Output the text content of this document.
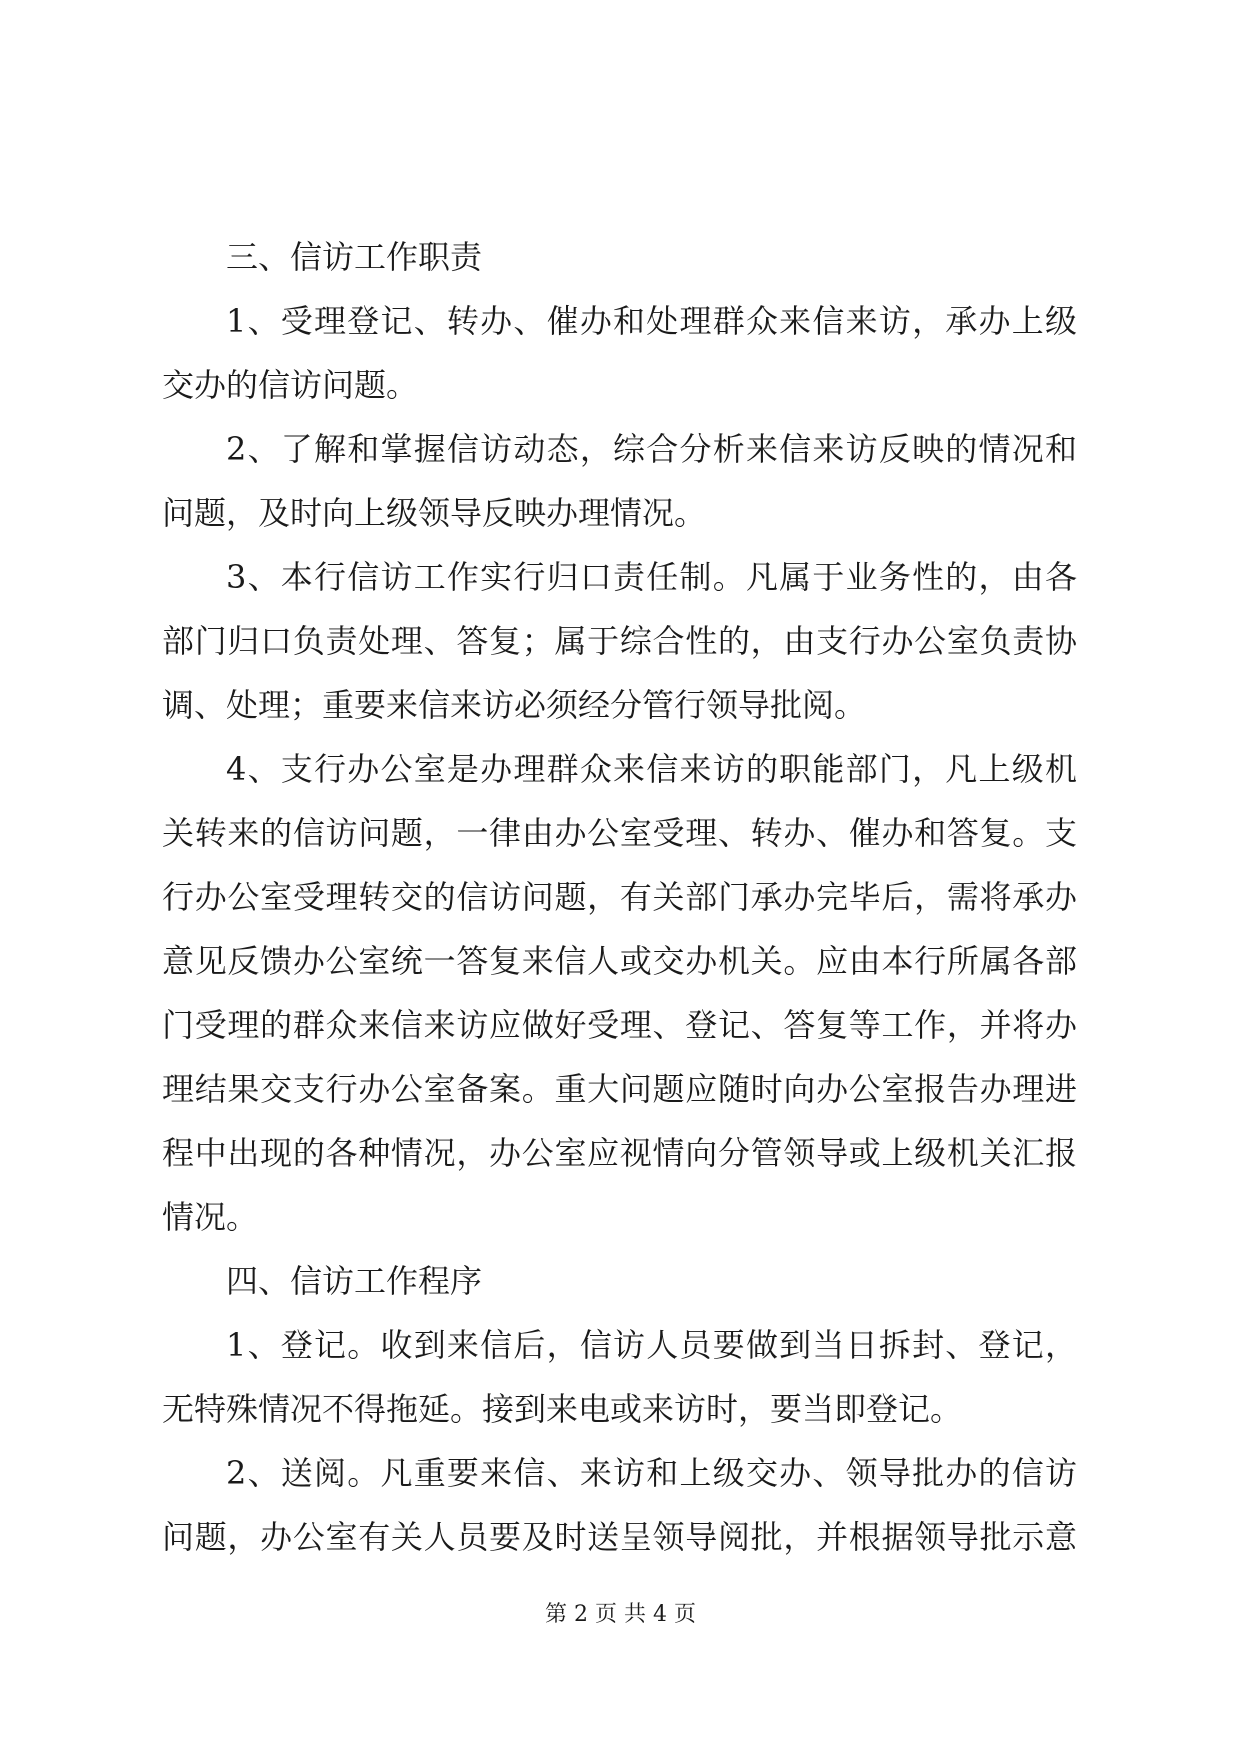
三、信访工作职责
1、受理登记、转办、催办和处理群众来信来访，承办上级
交办的信访问题。
2、了解和掌握信访动态，综合分析来信来访反映的情况和
问题，及时向上级领导反映办理情况。
3、本行信访工作实行归口责任制。凡属于业务性的，由各
部门归口负责处理、答复；属于综合性的，由支行办公室负责协
调、处理；重要来信来访必须经分管行领导批阅。
4、支行办公室是办理群众来信来访的职能部门，凡上级机
关转来的信访问题，一律由办公室受理、转办、催办和答复。支
行办公室受理转交的信访问题，有关部门承办完毕后，需将承办
意见反馈办公室统一答复来信人或交办机关。应由本行所属各部
门受理的群众来信来访应做好受理、登记、答复等工作，并将办
理结果交支行办公室备案。重大问题应随时向办公室报告办理进
程中出现的各种情况，办公室应视情向分管领导或上级机关汇报
情况。
四、信访工作程序
1、登记。收到来信后，信访人员要做到当日拆封、登记，
无特殊情况不得拖延。接到来电或来访时，要当即登记。
2、送阅。凡重要来信、来访和上级交办、领导批办的信访
问题，办公室有关人员要及时送呈领导阅批，并根据领导批示意
第 2 页 共 4 页
